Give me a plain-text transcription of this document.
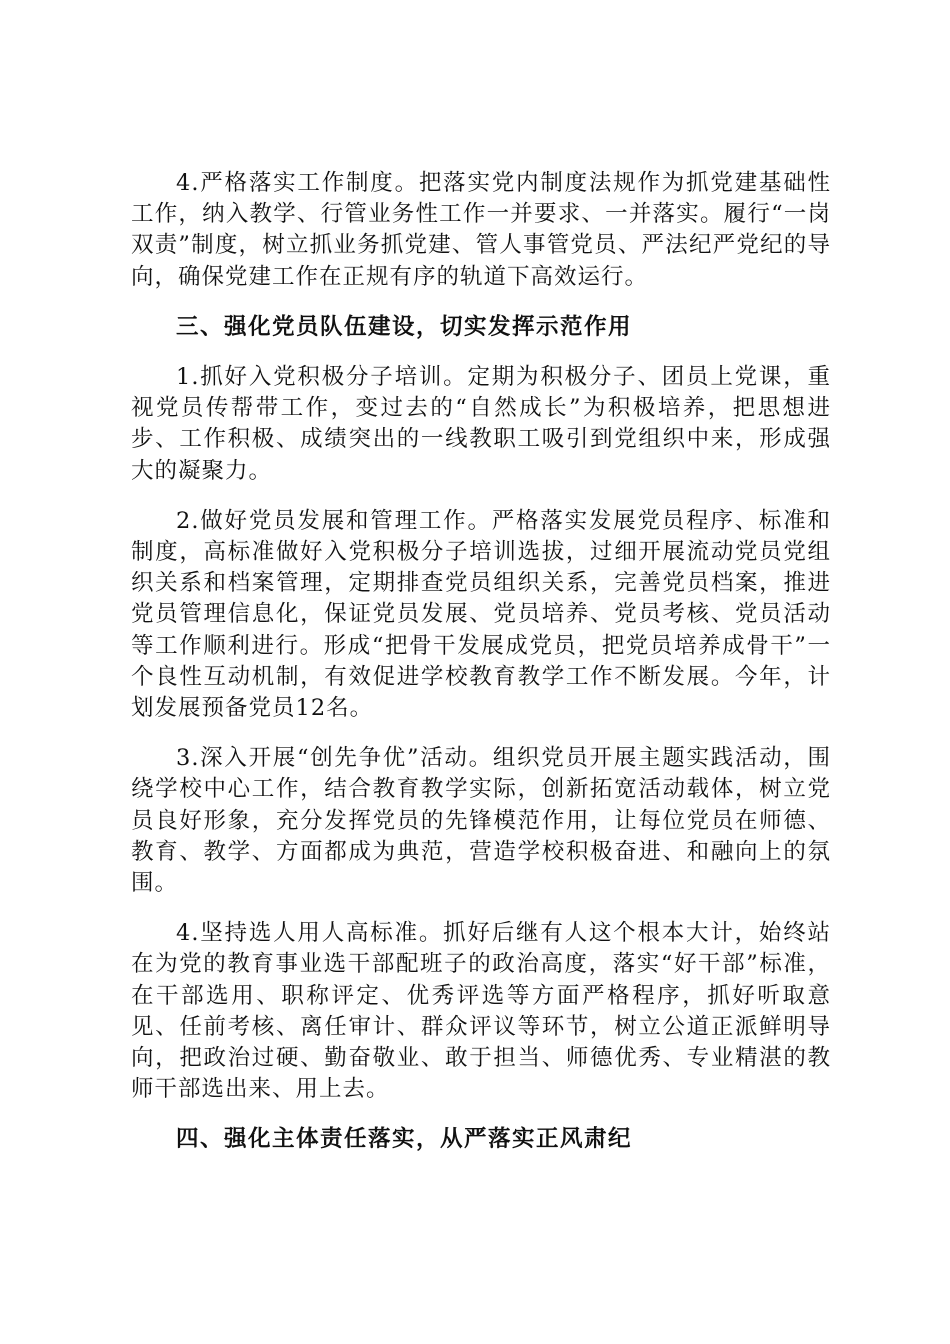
4.严格落实工作制度。把落实党内制度法规作为抓党建基础性工作，纳入教学、行管业务性工作一并要求、一并落实。履行“一岗双责”制度，树立抓业务抓党建、管人事管党员、严法纪严党纪的导向，确保党建工作在正规有序的轨道下高效运行。

三、强化党员队伍建设，切实发挥示范作用

1.抓好入党积极分子培训。定期为积极分子、团员上党课，重视党员传帮带工作，变过去的“自然成长”为积极培养，把思想进步、工作积极、成绩突出的一线教职工吸引到党组织中来，形成强大的凝聚力。

2.做好党员发展和管理工作。严格落实发展党员程序、标准和制度，高标准做好入党积极分子培训选拔，过细开展流动党员党组织关系和档案管理，定期排查党员组织关系，完善党员档案，推进党员管理信息化，保证党员发展、党员培养、党员考核、党员活动等工作顺利进行。形成“把骨干发展成党员，把党员培养成骨干”一个良性互动机制，有效促进学校教育教学工作不断发展。今年，计划发展预备党员12名。

3.深入开展“创先争优”活动。组织党员开展主题实践活动，围绕学校中心工作，结合教育教学实际，创新拓宽活动载体，树立党员良好形象，充分发挥党员的先锋模范作用，让每位党员在师德、教育、教学、方面都成为典范，营造学校积极奋进、和融向上的氛围。

4.坚持选人用人高标准。抓好后继有人这个根本大计，始终站在为党的教育事业选干部配班子的政治高度，落实“好干部”标准，在干部选用、职称评定、优秀评选等方面严格程序，抓好听取意见、任前考核、离任审计、群众评议等环节，树立公道正派鲜明导向，把政治过硬、勤奋敬业、敢于担当、师德优秀、专业精湛的教师干部选出来、用上去。

四、强化主体责任落实，从严落实正风肃纪
